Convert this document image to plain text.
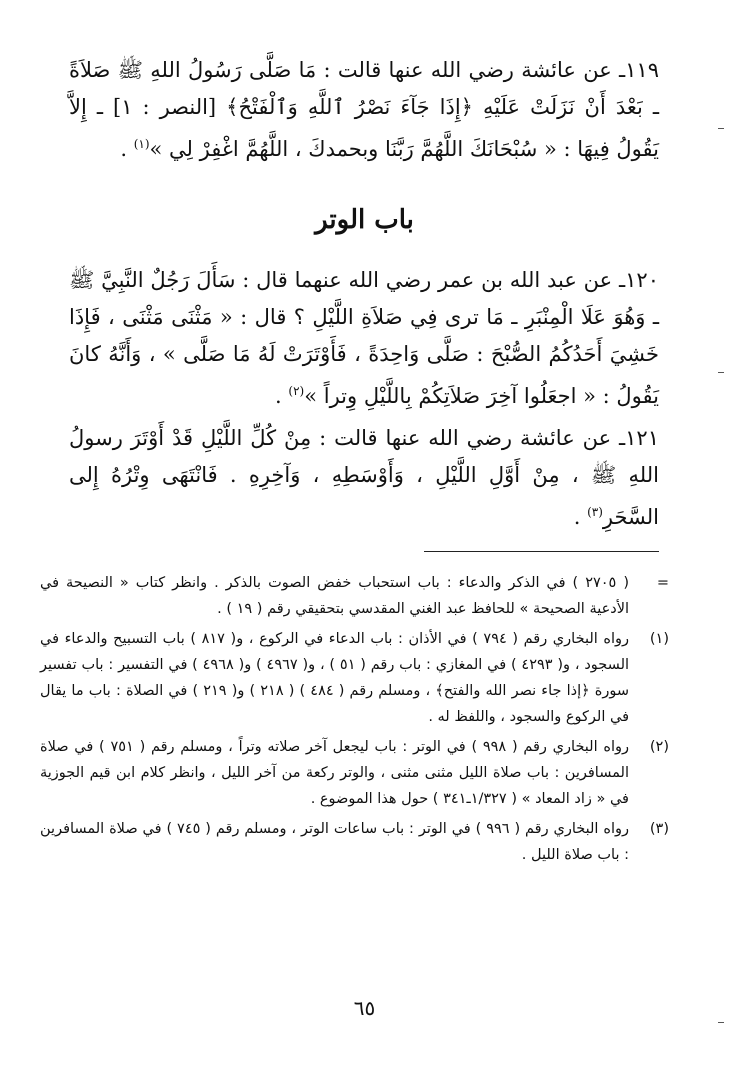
١١٩ـ عن عائشة رضي الله عنها قالت : مَا صَلَّى رَسُولُ اللهِ ﷺ صَلاَةً ـ بَعْدَ أَنْ نَزَلَتْ عَلَيْهِ ﴿إِذَا جَآءَ نَصْرُ ٱللَّهِ وَٱلْفَتْحُ﴾ [النصر : ١] ـ إِلاَّ يَقُولُ فِيهَا : « سُبْحَانَكَ اللَّهُمَّ رَبَّنَا وبحمدكَ ، اللَّهُمَّ اغْفِرْ لِي »$^{(١)}$ .
باب الوتر
١٢٠ـ عن عبد الله بن عمر رضي الله عنهما قال : سَأَلَ رَجُلٌ النَّبِيَّ ﷺ ـ وَهُوَ عَلَا الْمِنْبَرِ ـ مَا ترى فِي صَلاَةِ اللَّيْلِ ؟ قال : « مَثْنَى مَثْنَى ، فَإِذَا خَشِيَ أَحَدُكُمُ الصُّبْحَ : صَلَّى وَاحِدَةً ، فَأَوْتَرَتْ لَهُ مَا صَلَّى » ، وَأَنَّهُ كانَ يَقُولُ : « اجعَلُوا آخِرَ صَلاَتِكُمْ بِاللَّيْلِ وِتراً »$^{(٢)}$ .
١٢١ـ عن عائشة رضي الله عنها قالت : مِنْ كُلِّ اللَّيْلِ قَدْ أَوْتَرَ رسولُ اللهِ ﷺ ، مِنْ أَوَّلِ اللَّيْلِ ، وَأَوْسَطِهِ ، وَآخِرِهِ . فَانْتَهَى وِتْرُهُ إِلى السَّحَرِ$^{(٣)}$ .
=
( ٢٧٠٥ ) في الذكر والدعاء : باب استحباب خفض الصوت بالذكر . وانظر كتاب « النصيحة في الأدعية الصحيحة » للحافظ عبد الغني المقدسي بتحقيقي رقم ( ١٩ ) .
(١)
رواه البخاري رقم ( ٧٩٤ ) في الأذان : باب الدعاء في الركوع ، و( ٨١٧ ) باب التسبيح والدعاء في السجود ، و( ٤٢٩٣ ) في المغازي : باب رقم ( ٥١ ) ، و( ٤٩٦٧ ) و( ٤٩٦٨ ) في التفسير : باب تفسير سورة ﴿إذا جاء نصر الله والفتح﴾ ، ومسلم رقم ( ٤٨٤ ) ( ٢١٨ ) و( ٢١٩ ) في الصلاة : باب ما يقال في الركوع والسجود ، واللفظ له .
(٢)
رواه البخاري رقم ( ٩٩٨ ) في الوتر : باب ليجعل آخر صلاته وتراً ، ومسلم رقم ( ٧٥١ ) في صلاة المسافرين : باب صلاة الليل مثنى مثنى ، والوتر ركعة من آخر الليل ، وانظر كلام ابن قيم الجوزية في « زاد المعاد » ( ١/٣٢٧ـ٣٤١ ) حول هذا الموضوع .
(٣)
رواه البخاري رقم ( ٩٩٦ ) في الوتر : باب ساعات الوتر ، ومسلم رقم ( ٧٤٥ ) في صلاة المسافرين : باب صلاة الليل .
٦٥
